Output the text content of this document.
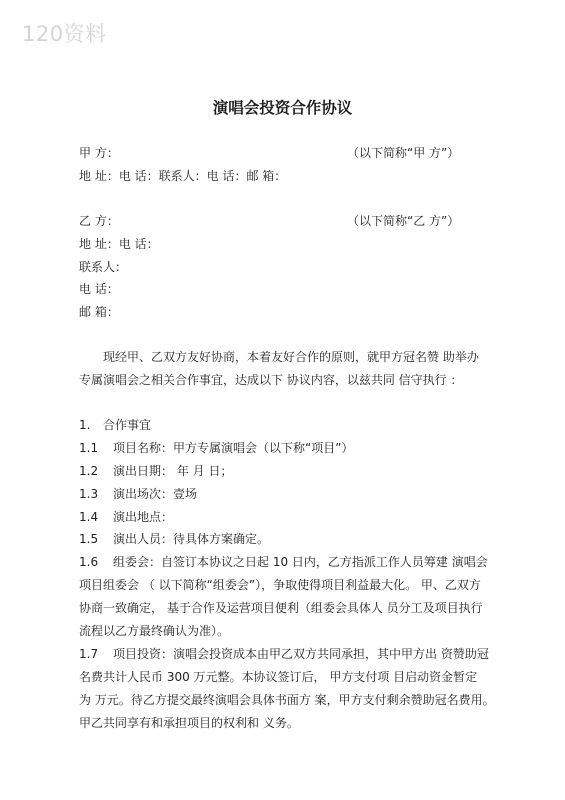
120资料
演唱会投资合作协议
甲 方：	（以下简称“甲 方”）
地 址：电 话：联系人：电 话：邮 箱：
乙 方：	（以下简称“乙 方”）
地 址：电 话：
联系人：
电 话：
邮 箱：
现经甲、乙双方友好协商，本着友好合作的原则，就甲方冠名赞 助举办
专属演唱会之相关合作事宜，达成以下 协议内容，以兹共同 信守执行 ：
1. 合作事宜
1.1 项目名称：甲方专属演唱会（以下称“项目”）
1.2 演出日期： 年 月 日；
1.3 演出场次：壹场
1.4 演出地点：
1.5 演出人员：待具体方案确定。
1.6 组委会：自签订本协议之日起 10 日内，乙方指派工作人员筹建 演唱会
项目组委会 （ 以下简称“组委会”），争取使得项目利益最大化。 甲、乙双方
协商一致确定， 基于合作及运营项目便利（组委会具体人 员分工及项目执行
流程以乙方最终确认为准）。
1.7 项目投资：演唱会投资成本由甲乙双方共同承担，其中甲方出 资赞助冠
名费共计人民币 300 万元整。本协议签订后， 甲方支付项 目启动资金暂定
为 万元。待乙方提交最终演唱会具体书面方 案，甲方支付剩余赞助冠名费用。
甲乙共同享有和承担项目的权利和 义务。
